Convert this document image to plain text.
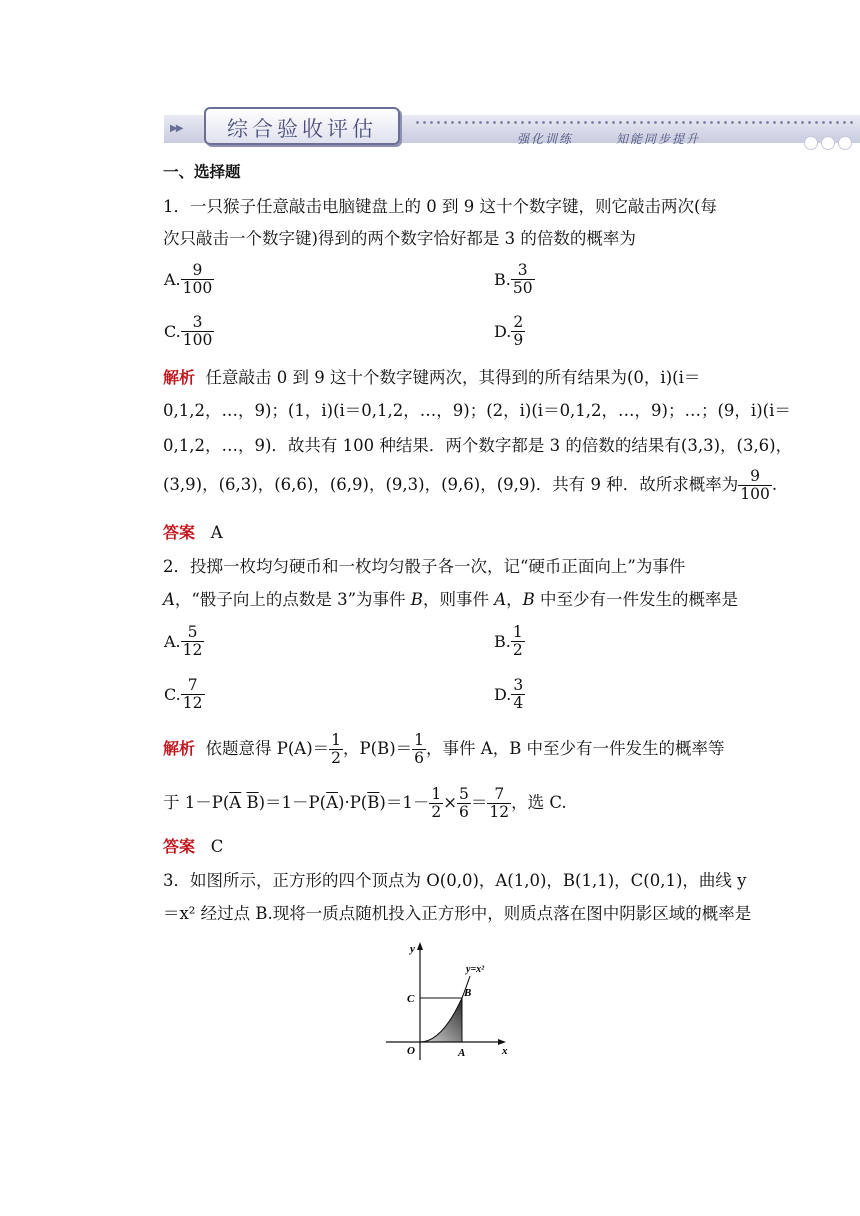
▶▶	综合验收评估	强化训练	知能同步提升
一、选择题
1．一只猴子任意敲击电脑键盘上的 0 到 9 这十个数字键，则它敲击两次(每
次只敲击一个数字键)得到的两个数字恰好都是 3 的倍数的概率为
A. $\frac{9}{100}$	B. $\frac{3}{50}$
C. $\frac{3}{100}$	D. $\frac{2}{9}$
解析 任意敲击 0 到 9 这十个数字键两次，其得到的所有结果为(0，i)(i＝
0,1,2，…，9)；(1，i)(i＝0,1,2，…，9)；(2，i)(i＝0,1,2，…，9)；…；(9，i)(i＝
0,1,2，…，9)．故共有 100 种结果．两个数字都是 3 的倍数的结果有(3,3)，(3,6)，
(3,9)，(6,3)，(6,6)，(6,9)，(9,3)，(9,6)，(9,9)．共有 9 种．故所求概率为 $\frac{9}{100}$ .
答案 A
2．投掷一枚均匀硬币和一枚均匀骰子各一次，记“硬币正面向上”为事件
A，“骰子向上的点数是 3”为事件 B，则事件 A，B 中至少有一件发生的概率是
A. $\frac{5}{12}$	B. $\frac{1}{2}$
C. $\frac{7}{12}$	D. $\frac{3}{4}$
解析 依题意得 $P(A)= \frac{1}{2}$ ，$P(B)= \frac{1}{6}$ ，事件 A，B 中至少有一件发生的概率等
于 $1-P(\overline{A}$ $\overline{B})=1-P(\overline{A})\cdot P(\overline{B})=1- \frac{1}{2} \times \frac{5}{6} = \frac{7}{12}$ ，选 C.
答案 C
3．如图所示，正方形的四个顶点为 O(0,0)，A(1,0)，B(1,1)，C(0,1)，曲线 y
＝x² 经过点 B.现将一质点随机投入正方形中，则质点落在图中阴影区域的概率是
y
x
y=x²
C	B
O	A
